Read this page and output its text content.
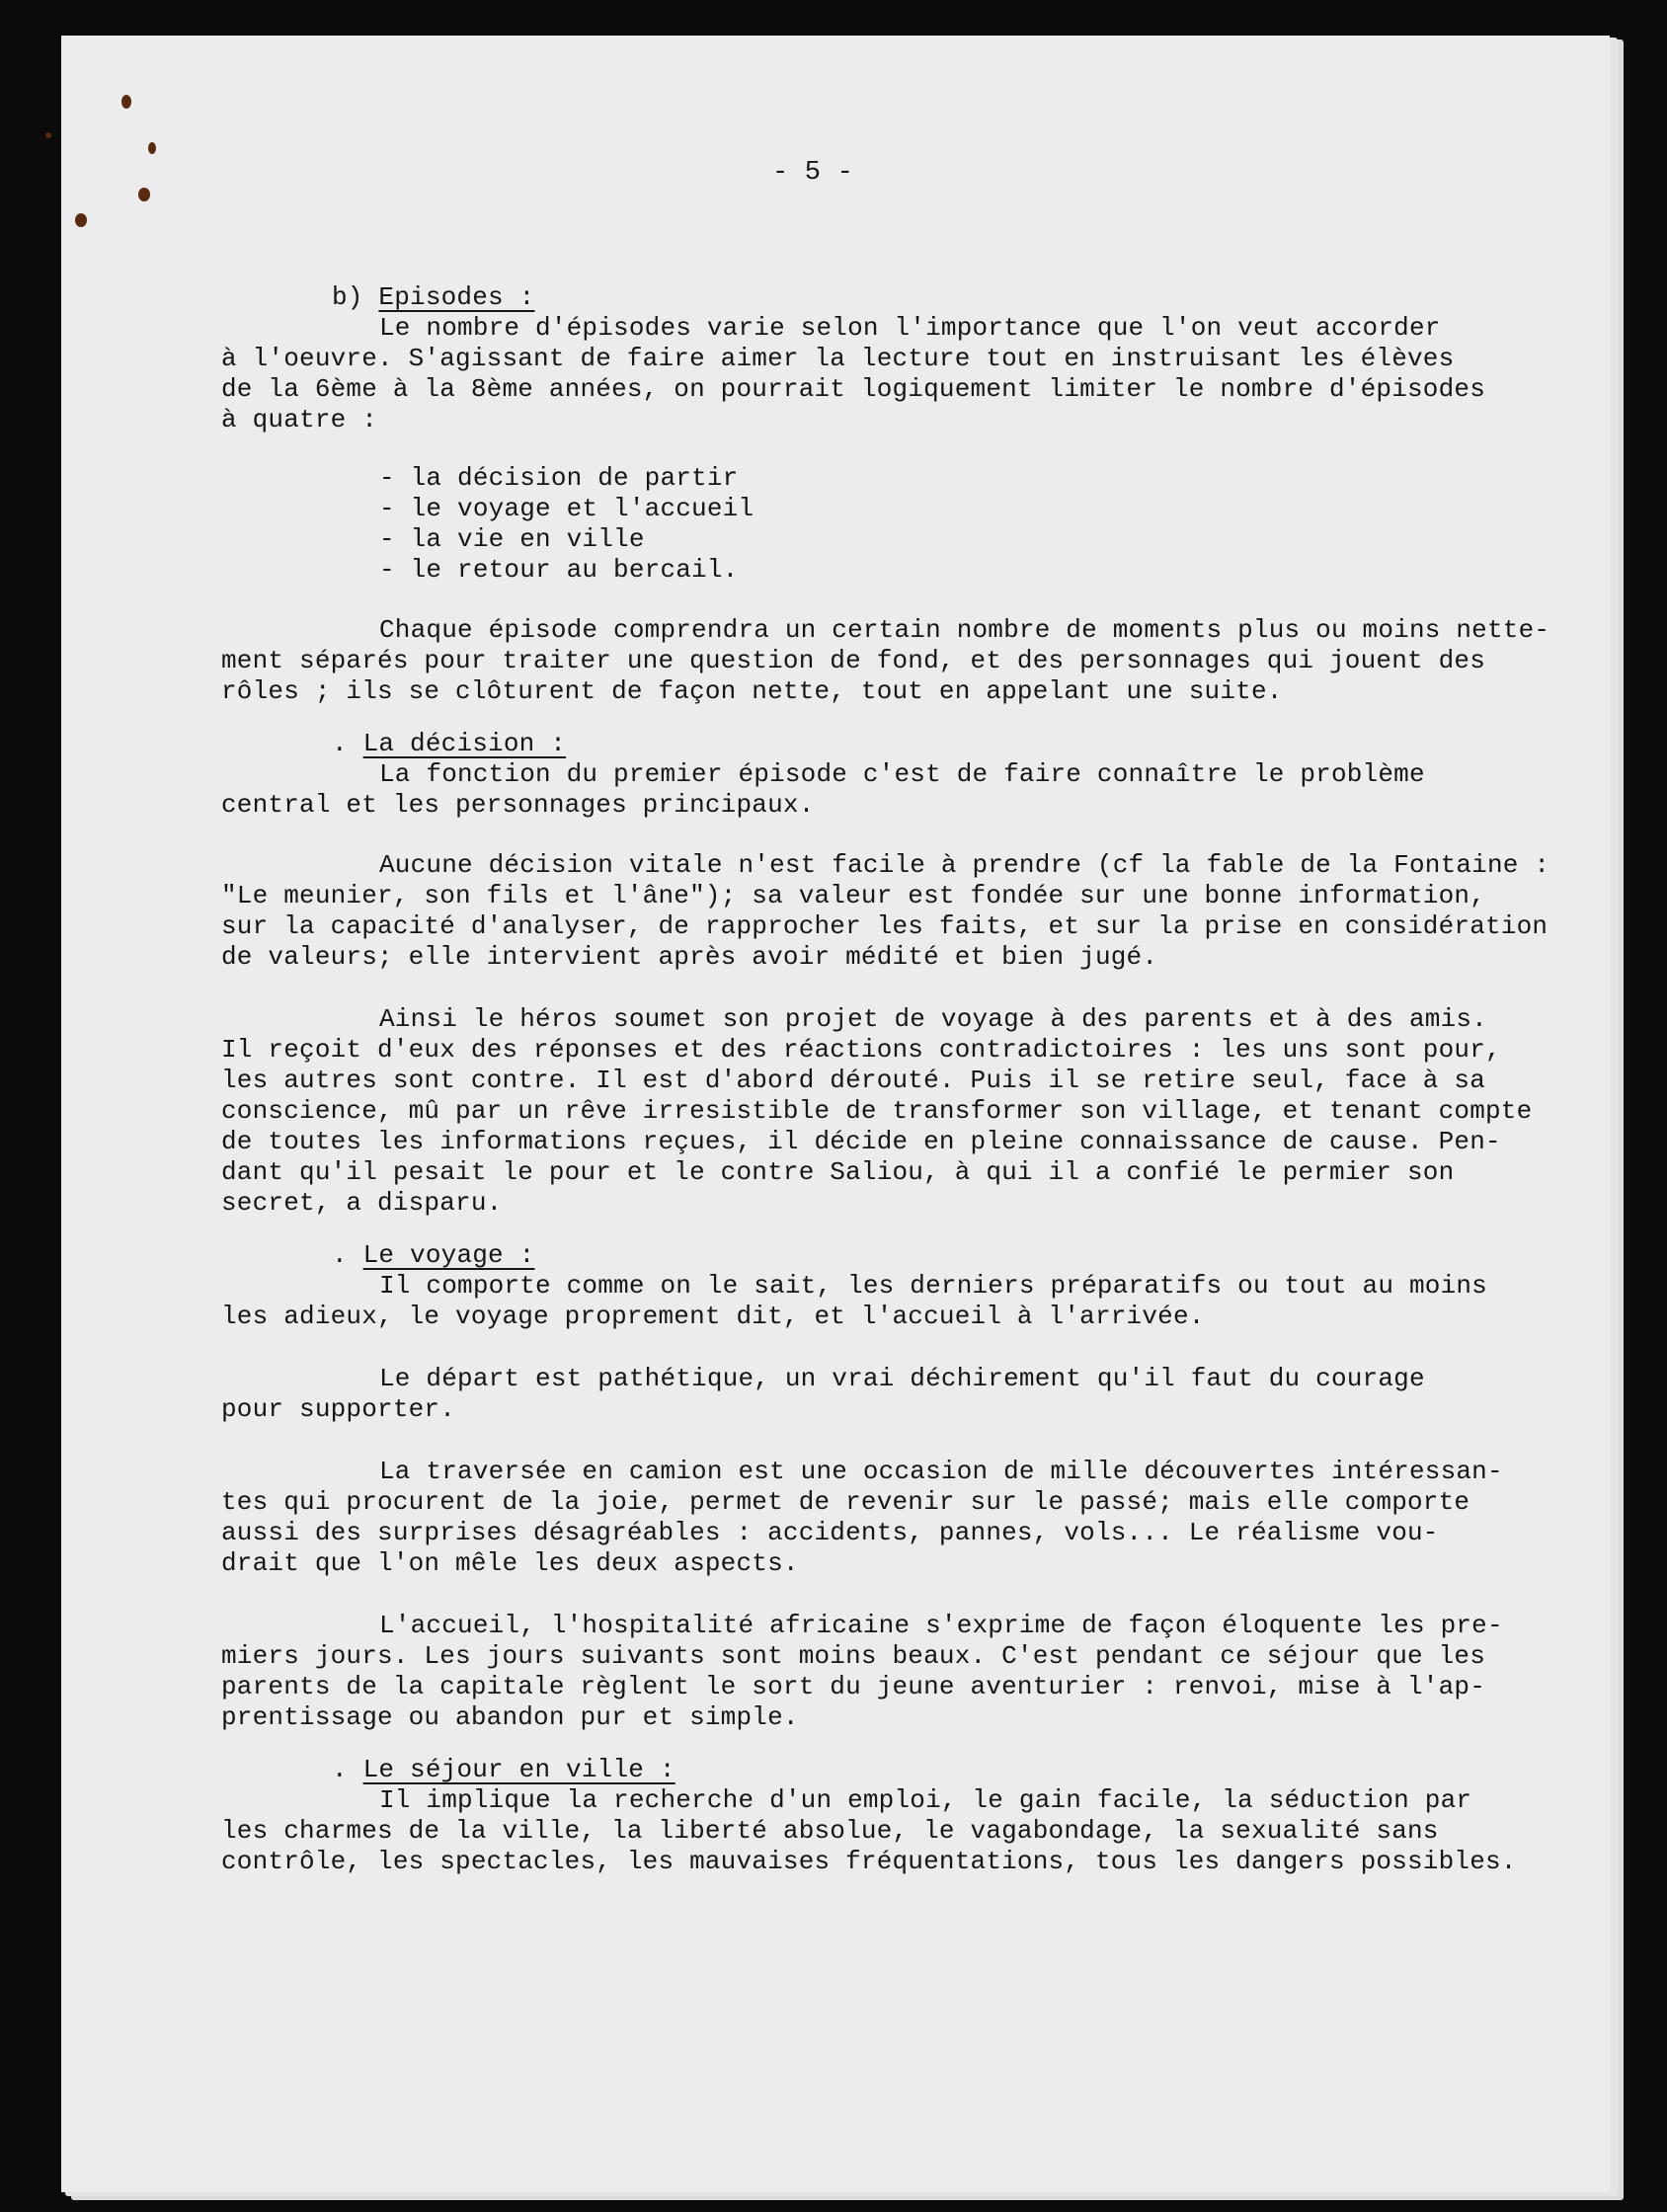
- 5 -
b) Episodes :
Le nombre d'épisodes varie selon l'importance que l'on veut accorder
à l'oeuvre. S'agissant de faire aimer la lecture tout en instruisant les élèves
de la 6ème à la 8ème années, on pourrait logiquement limiter le nombre d'épisodes
à quatre :
- la décision de partir
- le voyage et l'accueil
- la vie en ville
- le retour au bercail.
Chaque épisode comprendra un certain nombre de moments plus ou moins nette-
ment séparés pour traiter une question de fond, et des personnages qui jouent des
rôles ; ils se clôturent de façon nette, tout en appelant une suite.
. La décision :
La fonction du premier épisode c'est de faire connaître le problème
central et les personnages principaux.
Aucune décision vitale n'est facile à prendre (cf la fable de la Fontaine :
"Le meunier, son fils et l'âne"); sa valeur est fondée sur une bonne information,
sur la capacité d'analyser, de rapprocher les faits, et sur la prise en considération
de valeurs; elle intervient après avoir médité et bien jugé.
Ainsi le héros soumet son projet de voyage à des parents et à des amis.
Il reçoit d'eux des réponses et des réactions contradictoires : les uns sont pour,
les autres sont contre. Il est d'abord dérouté. Puis il se retire seul, face à sa
conscience, mû par un rêve irresistible de transformer son village, et tenant compte
de toutes les informations reçues, il décide en pleine connaissance de cause. Pen-
dant qu'il pesait le pour et le contre Saliou, à qui il a confié le permier son
secret, a disparu.
. Le voyage :
Il comporte comme on le sait, les derniers préparatifs ou tout au moins
les adieux, le voyage proprement dit, et l'accueil à l'arrivée.
Le départ est pathétique, un vrai déchirement qu'il faut du courage
pour supporter.
La traversée en camion est une occasion de mille découvertes intéressan-
tes qui procurent de la joie, permet de revenir sur le passé; mais elle comporte
aussi des surprises désagréables : accidents, pannes, vols... Le réalisme vou-
drait que l'on mêle les deux aspects.
L'accueil, l'hospitalité africaine s'exprime de façon éloquente les pre-
miers jours. Les jours suivants sont moins beaux. C'est pendant ce séjour que les
parents de la capitale règlent le sort du jeune aventurier : renvoi, mise à l'ap-
prentissage ou abandon pur et simple.
. Le séjour en ville :
Il implique la recherche d'un emploi, le gain facile, la séduction par
les charmes de la ville, la liberté absolue, le vagabondage, la sexualité sans
contrôle, les spectacles, les mauvaises fréquentations, tous les dangers possibles.
